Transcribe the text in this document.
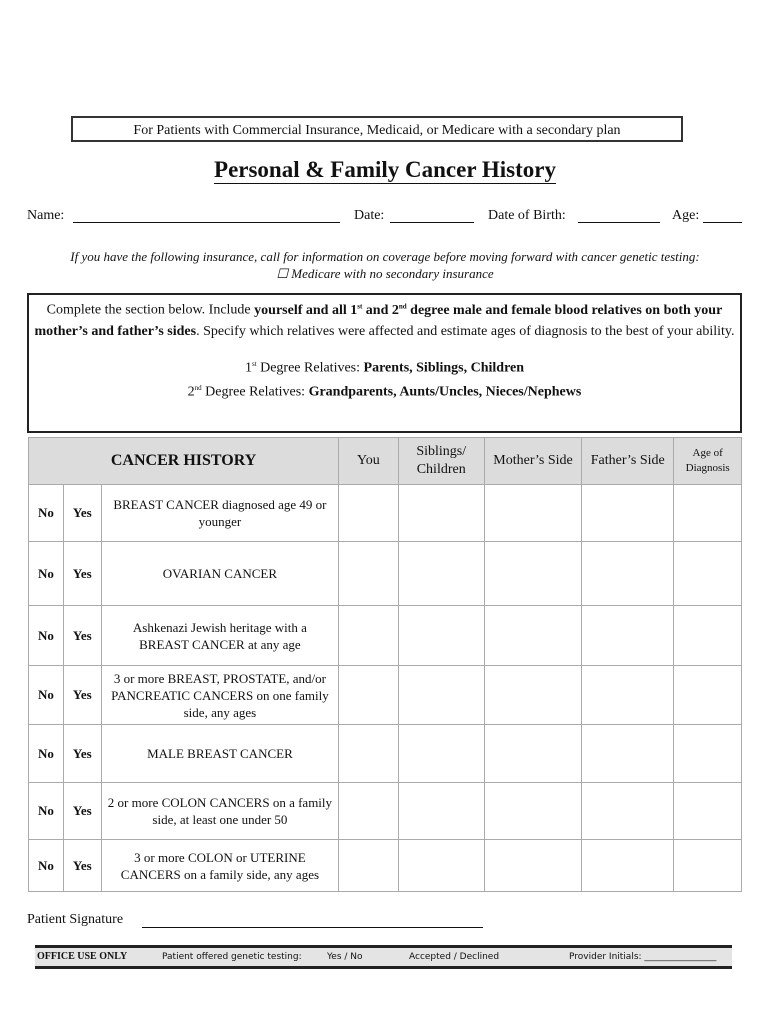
For Patients with Commercial Insurance, Medicaid, or Medicare with a secondary plan
Personal & Family Cancer History
Name:	Date:	Date of Birth:	Age:
If you have the following insurance, call for information on coverage before moving forward with cancer genetic testing:
☐ Medicare with no secondary insurance

Complete the section below. Include yourself and all 1st and 2nd degree male and female blood relatives on both your mother’s and father’s sides. Specify which relatives were affected and estimate ages of diagnosis to the best of your ability.

1st Degree Relatives: Parents, Siblings, Children

2nd Degree Relatives: Grandparents, Aunts/Uncles, Nieces/Nephews

CANCER HISTORY			You	Siblings/ Children	Mother’s Side	Father’s Side	Age of Diagnosis
No	Yes	BREAST CANCER diagnosed age 49 or younger					
No	Yes	OVARIAN CANCER					
No	Yes	Ashkenazi Jewish heritage with a BREAST CANCER at any age					
No	Yes	3 or more BREAST, PROSTATE, and/or PANCREATIC CANCERS on one family side, any ages					
No	Yes	MALE BREAST CANCER					
No	Yes	2 or more COLON CANCERS on a family side, at least one under 50					
No	Yes	3 or more COLON or UTERINE CANCERS on a family side, any ages					
Patient Signature
OFFICE USE ONLY	Patient offered genetic testing:	Yes / No	Accepted / Declined	Provider Initials: ________________
